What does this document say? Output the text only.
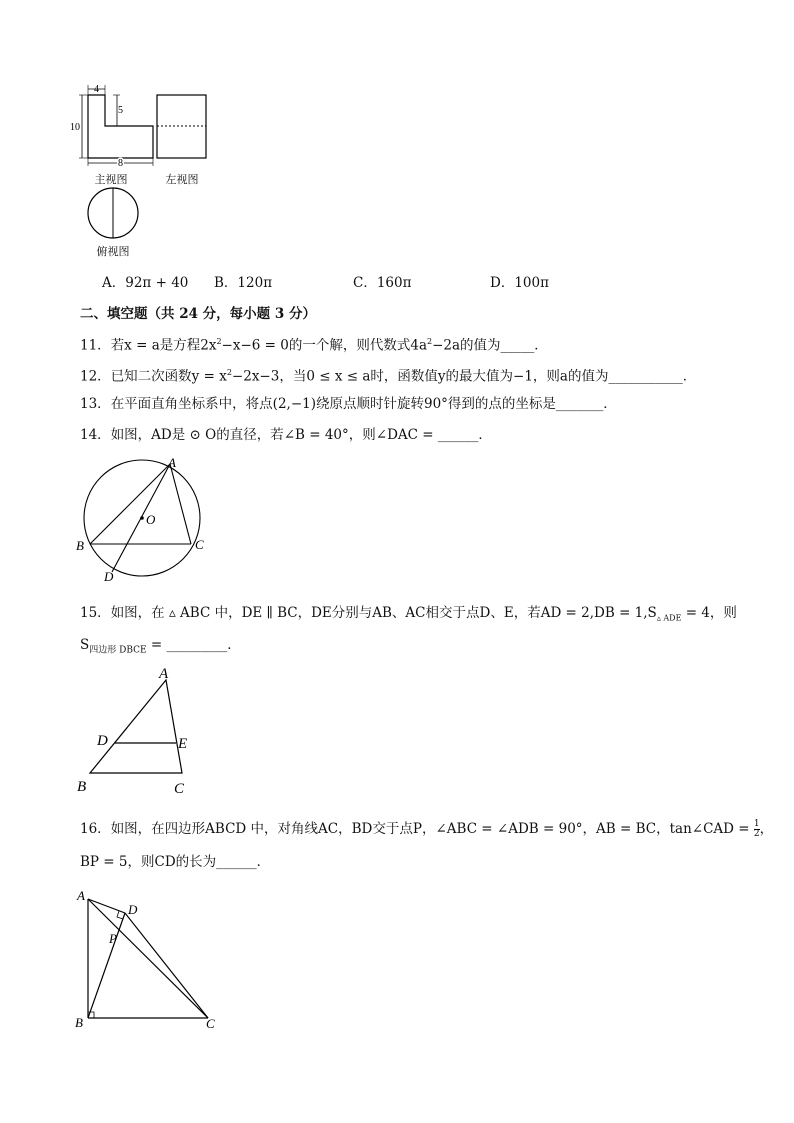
4
5
10
8
主视图	左视图
俯视图
A．92π + 40 B．120π	C．160π	D．100π
二、填空题（共 24 分，每小题 3 分）
11．若x = a是方程$2x^2-x-6 = 0$的一个解，则代数式$4a^2-2a$的值为_____．
12．已知二次函数$y = x^2-2x-3$，当0 ≤ x ≤ a时，函数值y的最大值为−1，则a的值为___________．
13．在平面直角坐标系中，将点(2,−1)绕原点顺时针旋转90°得到的点的坐标是_______．
14．如图，AD是 ⊙ O的直径，若∠B = 40°，则∠DAC = ______．
A
B	C
D
O
15．如图，在 ▵ ABC 中，DE ∥ BC，DE分别与AB、AC相交于点D、E，若AD = $2,DB = 1,S_{▵ ADE} = 4$，则
$S_{四边形 DBCE}$ = _________．
A
B	C
D	E
16．如图，在四边形ABCD 中，对角线AC，BD交于点P，∠ABC = ∠ADB = 90°，AB = BC，tan∠CAD = $\frac{1}{2}$ ，
BP = 5，则CD的长为______．
A
B	C
D
P
